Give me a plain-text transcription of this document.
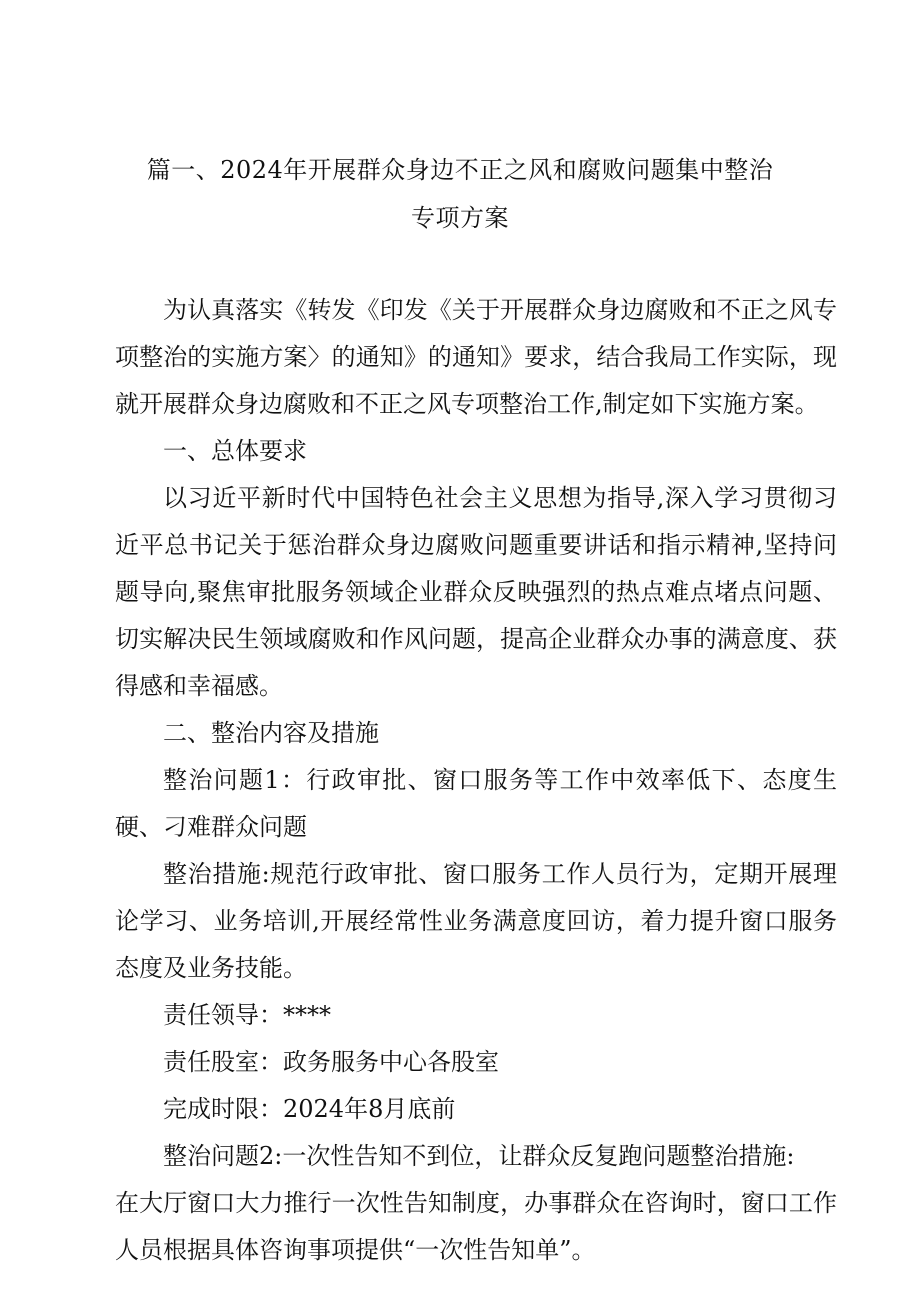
篇一、2024年开展群众身边不正之风和腐败问题集中整治
专项方案

为认真落实《转发《印发《关于开展群众身边腐败和不正之风专项整治的实施方案〉的通知》的通知》要求，结合我局工作实际，现就开展群众身边腐败和不正之风专项整治工作,制定如下实施方案。

一、总体要求

以习近平新时代中国特色社会主义思想为指导,深入学习贯彻习近平总书记关于惩治群众身边腐败问题重要讲话和指示精神,坚持问题导向,聚焦审批服务领域企业群众反映强烈的热点难点堵点问题、切实解决民生领域腐败和作风问题，提高企业群众办事的满意度、获得感和幸福感。

二、整治内容及措施

整治问题1：行政审批、窗口服务等工作中效率低下、态度生硬、刁难群众问题

整治措施:规范行政审批、窗口服务工作人员行为，定期开展理论学习、业务培训,开展经常性业务满意度回访，着力提升窗口服务态度及业务技能。

责任领导：****

责任股室：政务服务中心各股室

完成时限：2024年8月底前

整治问题2:一次性告知不到位，让群众反复跑问题整治措施:

在大厅窗口大力推行一次性告知制度，办事群众在咨询时，窗口工作人员根据具体咨询事项提供“一次性告知单”。
